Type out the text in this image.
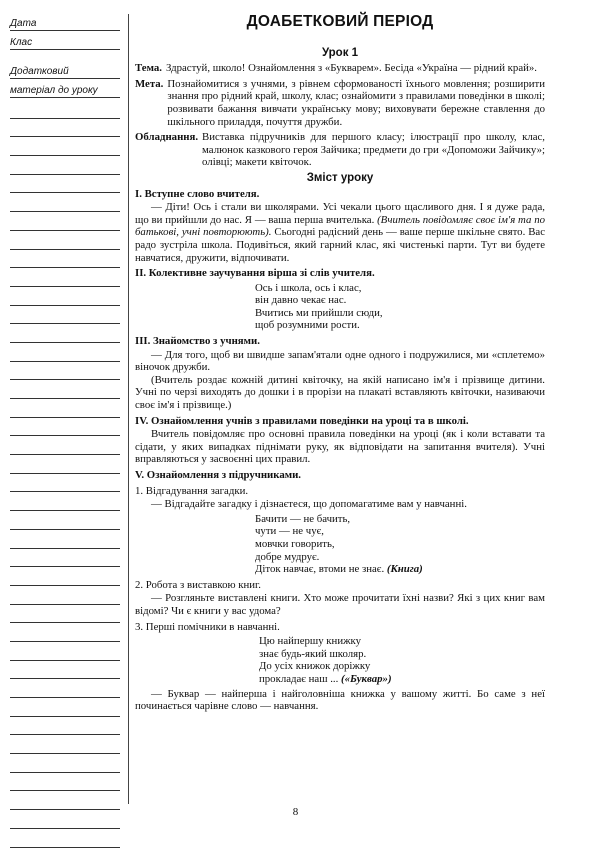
Дата
Клас
Додатковий
матеріал до уроку
ДОАБЕТКОВИЙ ПЕРІОД
Урок 1
Тема. Здрастуй, школо! Ознайомлення з «Букварем». Бесіда «Україна — рідний край».
Мета. Познайомитися з учнями, з рівнем сформованості їхнього мовлення; розширити знання про рідний край, школу, клас; ознайомити з правилами поведінки в школі; розвивати бажання вивчати українську мову; виховувати бережне ставлення до шкільного приладдя, почуття дружби.
Обладнання. Виставка підручників для першого класу; ілюстрації про школу, клас, малюнок казкового героя Зайчика; предмети до гри «Допоможи Зайчику»; олівці; макети квіточок.
Зміст уроку
І. Вступне слово вчителя.

— Діти! Ось і стали ви школярами. Усі чекали цього щасливого дня. І я дуже рада, що ви прийшли до нас. Я — ваша перша вчителька. (Вчитель повідомляє своє ім'я та по батькові, учні повторюють). Сьогодні радісний день — ваше перше шкільне свято. Вас радо зустріла школа. Подивіться, який гарний клас, які чистенькі парти. Тут ви будете навчатися, дружити, відпочивати.

ІІ. Колективне заучування вірша зі слів учителя.
Ось і школа, ось і клас,
він давно чекає нас.
Вчитись ми прийшли сюди,
щоб розумними рости.
ІІІ. Знайомство з учнями.

— Для того, щоб ви швидше запам'ятали одне одного і подружилися, ми «сплетемо» віночок дружби.

(Вчитель роздає кожній дитині квіточку, на якій написано ім'я і прізвище дитини. Учні по черзі виходять до дошки і в прорізи на плакаті вставляють квіточки, називаючи своє ім'я і прізвище.)

IV. Ознайомлення учнів з правилами поведінки на уроці та в школі.

Вчитель повідомляє про основні правила поведінки на уроці (як і коли вставати та сідати, у яких випадках піднімати руку, як відповідати на запитання вчителя). Учні вправляються у засвоєнні цих правил.

V. Ознайомлення з підручниками.
1. Відгадування загадки.

— Відгадайте загадку і дізнаєтеся, що допомагатиме вам у навчанні.

Бачити — не бачить,
чути — не чує,
мовчки говорить,
добре мудрує.
Діток навчає, втоми не знає. (Книга)
2. Робота з виставкою книг.

— Розгляньте виставлені книги. Хто може прочитати їхні назви? Які з цих книг вам відомі? Чи є книги у вас удома?

3. Перші помічники в навчанні.
Цю найпершу книжку
знає будь-який школяр.
До усіх книжок доріжку
прокладає наш ... («Буквар»)

— Буквар — найперша і найголовніша книжка у вашому житті. Бо саме з неї починається чарівне слово — навчання.

8
